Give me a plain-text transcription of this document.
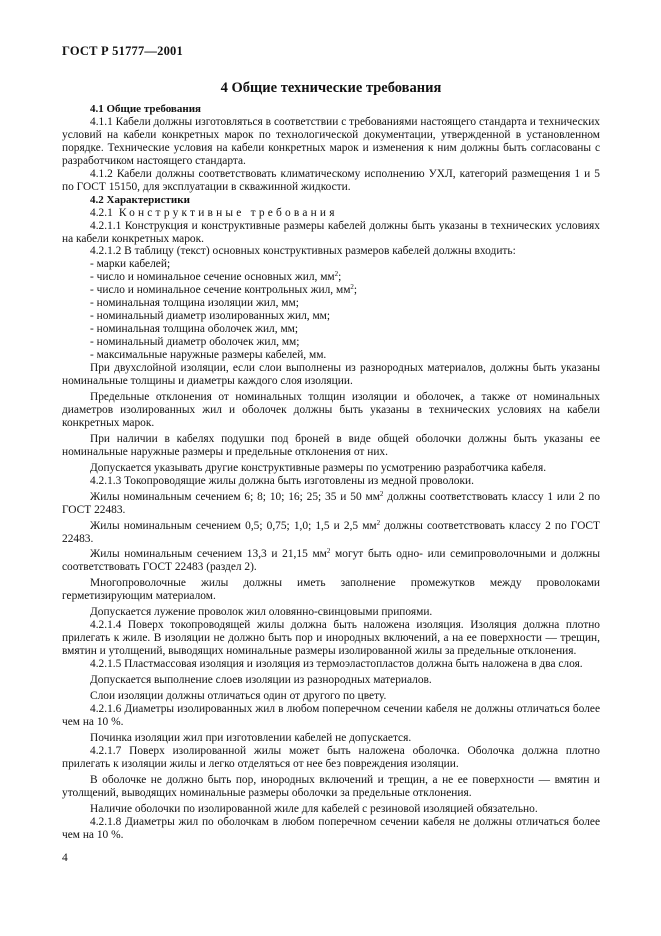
ГОСТ Р 51777—2001
4 Общие технические требования

4.1 Общие требования

4.1.1 Кабели должны изготовляться в соответствии с требованиями настоящего стандарта и технических условий на кабели конкретных марок по технологической документации, утвержденной в установленном порядке. Технические условия на кабели конкретных марок и изменения к ним должны быть согласованы с разработчиком настоящего стандарта.

4.1.2 Кабели должны соответствовать климатическому исполнению УХЛ, категорий размещения 1 и 5 по ГОСТ 15150, для эксплуатации в скважинной жидкости.

4.2 Характеристики

4.2.1 Конструктивные требования

4.2.1.1 Конструкция и конструктивные размеры кабелей должны быть указаны в технических условиях на кабели конкретных марок.

4.2.1.2 В таблицу (текст) основных конструктивных размеров кабелей должны входить:

- марки кабелей;

- число и номинальное сечение основных жил, $мм^2$;

- число и номинальное сечение контрольных жил, $мм^2$;

- номинальная толщина изоляции жил, мм;

- номинальный диаметр изолированных жил, мм;

- номинальная толщина оболочек жил, мм;

- номинальный диаметр оболочек жил, мм;

- максимальные наружные размеры кабелей, мм.

При двухслойной изоляции, если слои выполнены из разнородных материалов, должны быть указаны номинальные толщины и диаметры каждого слоя изоляции.

Предельные отклонения от номинальных толщин изоляции и оболочек, а также от номинальных диаметров изолированных жил и оболочек должны быть указаны в технических условиях на кабели конкретных марок.

При наличии в кабелях подушки под броней в виде общей оболочки должны быть указаны ее номинальные наружные размеры и предельные отклонения от них.

Допускается указывать другие конструктивные размеры по усмотрению разработчика кабеля.

4.2.1.3 Токопроводящие жилы должна быть изготовлены из медной проволоки.

Жилы номинальным сечением 6; 8; 10; 16; 25; 35 и 50 $мм^2$ должны соответствовать классу 1 или 2 по ГОСТ 22483.

Жилы номинальным сечением 0,5; 0,75; 1,0; 1,5 и 2,5 $мм^2$ должны соответствовать классу 2 по ГОСТ 22483.

Жилы номинальным сечением 13,3 и 21,15 $мм^2$ могут быть одно- или семипроволочными и должны соответствовать ГОСТ 22483 (раздел 2).

Многопроволочные жилы должны иметь заполнение промежутков между проволоками герметизирующим материалом.

Допускается лужение проволок жил оловянно-свинцовыми припоями.

4.2.1.4 Поверх токопроводящей жилы должна быть наложена изоляция. Изоляция должна плотно прилегать к жиле. В изоляции не должно быть пор и инородных включений, а на ее поверхности — трещин, вмятин и утолщений, выводящих номинальные размеры изолированной жилы за предельные отклонения.

4.2.1.5 Пластмассовая изоляция и изоляция из термоэластопластов должна быть наложена в два слоя.

Допускается выполнение слоев изоляции из разнородных материалов.

Слои изоляции должны отличаться один от другого по цвету.

4.2.1.6 Диаметры изолированных жил в любом поперечном сечении кабеля не должны отличаться более чем на 10 %.

Починка изоляции жил при изготовлении кабелей не допускается.

4.2.1.7 Поверх изолированной жилы может быть наложена оболочка. Оболочка должна плотно прилегать к изоляции жилы и легко отделяться от нее без повреждения изоляции.

В оболочке не должно быть пор, инородных включений и трещин, а не ее поверхности — вмятин и утолщений, выводящих номинальные размеры оболочки за предельные отклонения.

Наличие оболочки по изолированной жиле для кабелей с резиновой изоляцией обязательно.

4.2.1.8 Диаметры жил по оболочкам в любом поперечном сечении кабеля не должны отличаться более чем на 10 %.

4
